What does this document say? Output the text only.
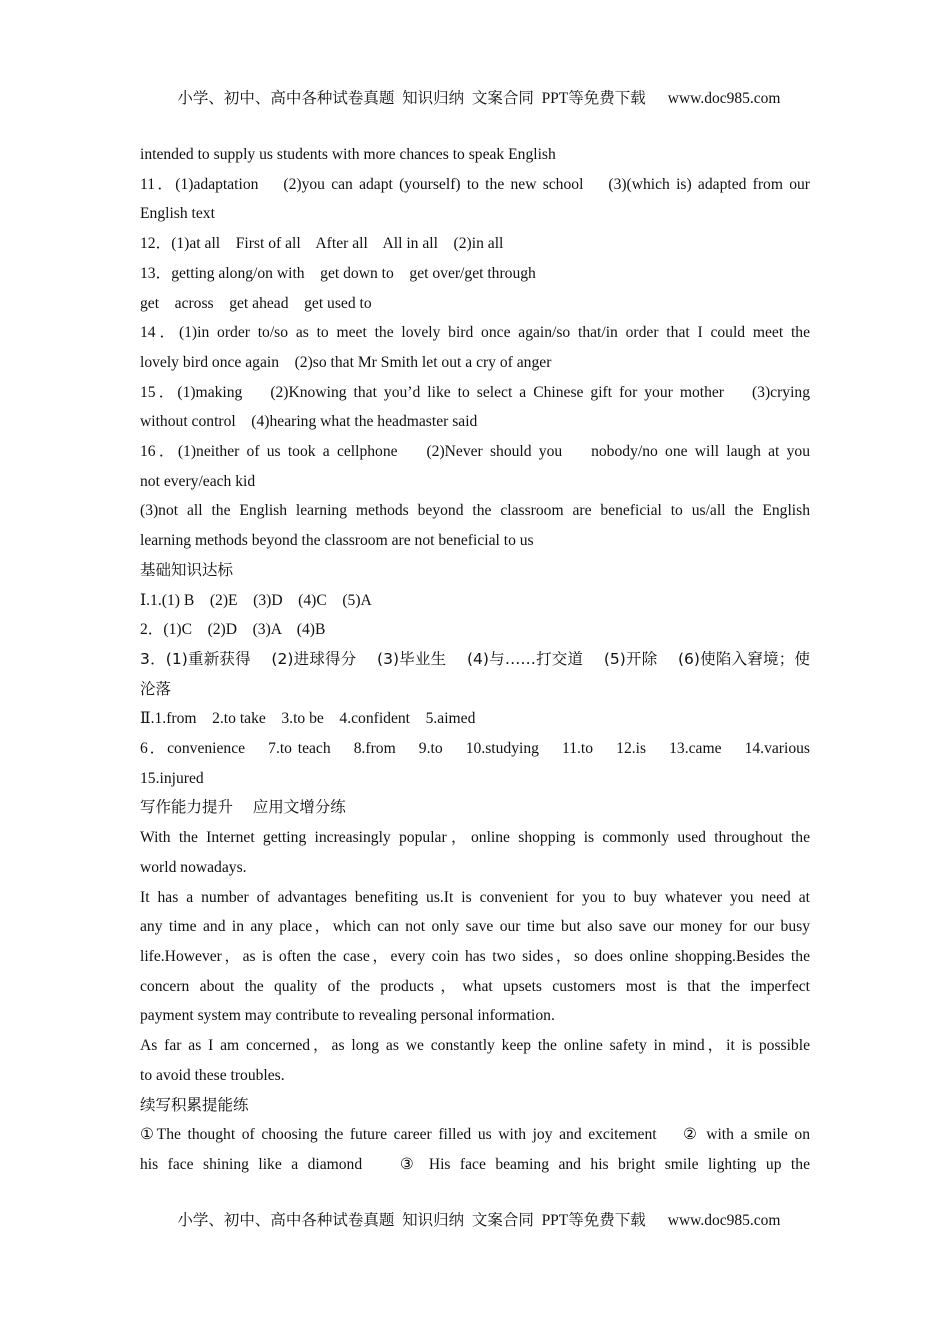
小学、初中、高中各种试卷真题  知识归纳  文案合同  PPT等免费下载 www.doc985.com

intended to supply us students with more chances to speak English
11．(1)adaptation    (2)you can adapt (yourself) to the new school    (3)(which is) adapted from our
English text
12．(1)at all    First of all    After all    All in all    (2)in all
13．getting along/on with    get down to    get over/get through
get    across    get ahead    get used to
14．(1)in order to/so as to meet the lovely bird once again/so that/in order that I could meet the
lovely bird once again    (2)so that Mr Smith let out a cry of anger
15．(1)making    (2)Knowing that you’d like to select a Chinese gift for your mother    (3)crying
without control    (4)hearing what the headmaster said
16．(1)neither of us took a cellphone    (2)Never should you    nobody/no one will laugh at you
not every/each kid
(3)not all the English learning methods beyond the classroom are beneficial to us/all the English
learning methods beyond the classroom are not beneficial to us
基础知识达标
Ⅰ.1.(1) B    (2)E    (3)D    (4)C    (5)A
2．(1)C    (2)D    (3)A    (4)B
3．(1)重新获得    (2)进球得分    (3)毕业生    (4)与……打交道    (5)开除    (6)使陷入窘境；使
沦落
Ⅱ.1.from    2.to take    3.to be    4.confident    5.aimed
6．convenience    7.to teach    8.from    9.to    10.studying    11.to    12.is    13.came    14.various
15.injured
写作能力提升    应用文增分练
With the Internet getting increasingly popular，online shopping is commonly used throughout the
world nowadays.
It has a number of advantages benefiting us.It is convenient for you to buy whatever you need at
any time and in any place，which can not only save our time but also save our money for our busy
life.However，as is often the case，every coin has two sides，so does online shopping.Besides the
concern about the quality of the products，what upsets customers most is that the imperfect
payment system may contribute to revealing personal information.
As far as I am concerned，as long as we constantly keep the online safety in mind，it is possible
to avoid these troubles.
续写积累提能练
①The thought of choosing the future career filled us with joy and excitement    ② with a smile on
his face shining like a diamond    ③ His face beaming and his bright smile lighting up the

小学、初中、高中各种试卷真题  知识归纳  文案合同  PPT等免费下载 www.doc985.com
